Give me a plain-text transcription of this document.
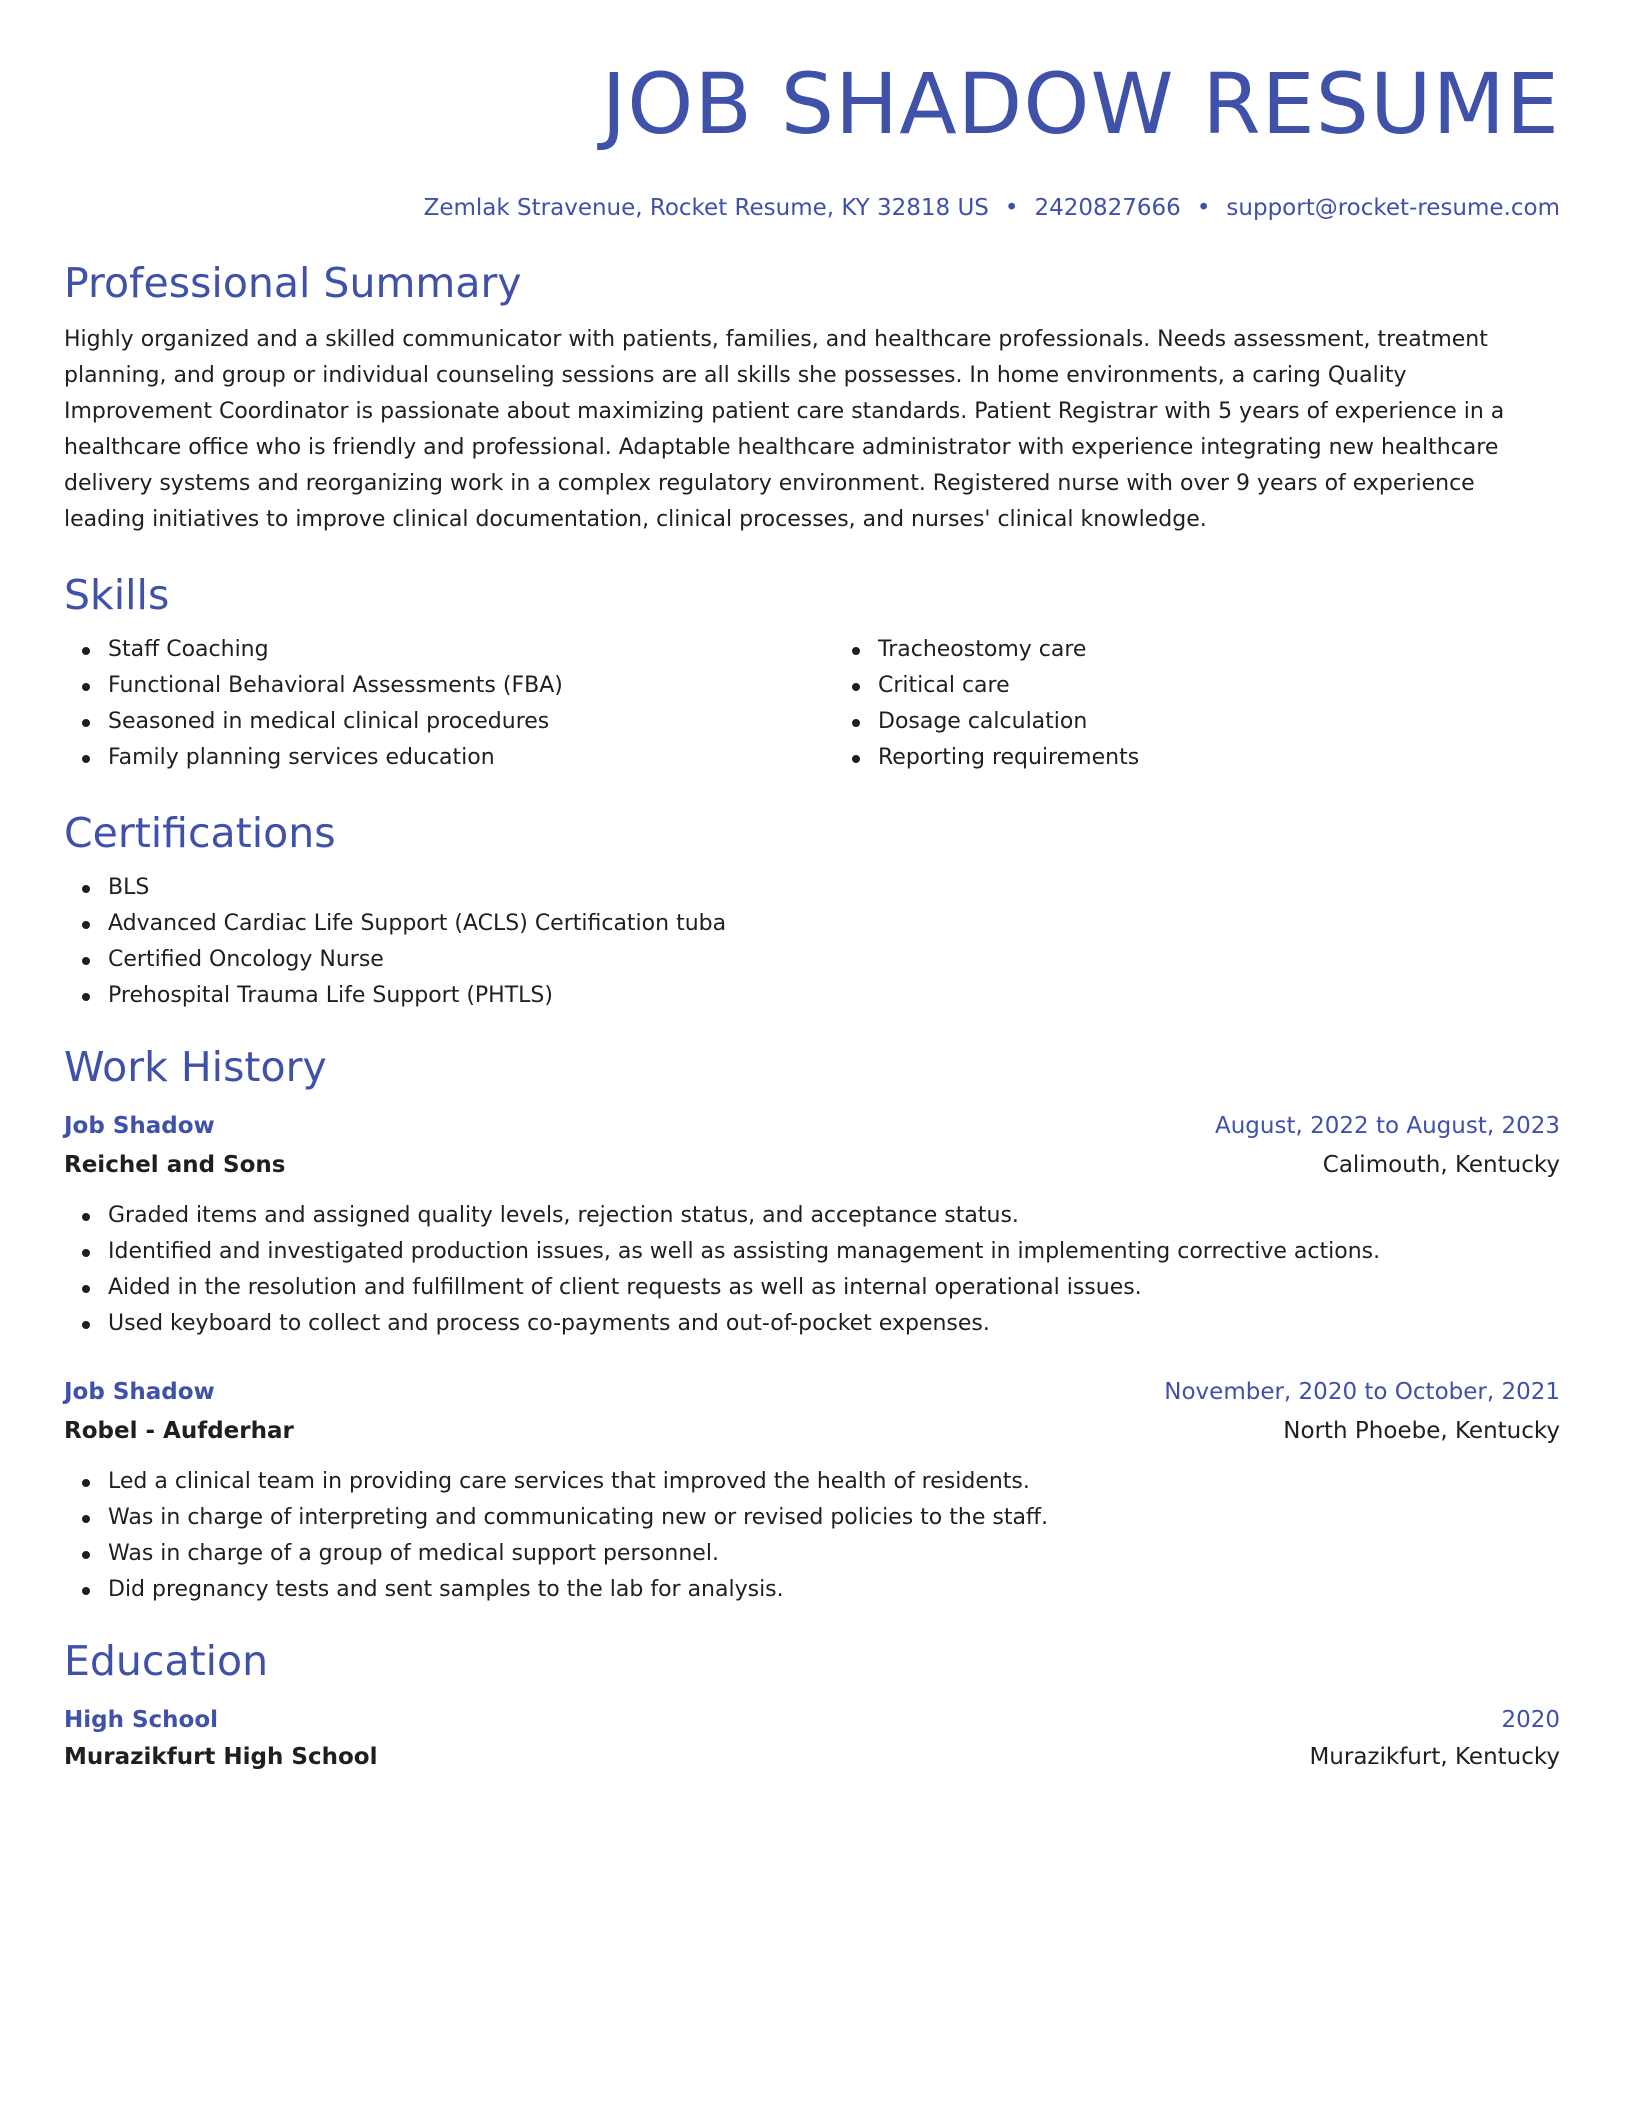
JOB SHADOW RESUME
Zemlak Stravenue, Rocket Resume, KY 32818 US • 2420827666 • support@rocket-resume.com
Professional Summary
Highly organized and a skilled communicator with patients, families, and healthcare professionals. Needs assessment, treatment planning, and group or individual counseling sessions are all skills she possesses. In home environments, a caring Quality Improvement Coordinator is passionate about maximizing patient care standards. Patient Registrar with 5 years of experience in a healthcare office who is friendly and professional. Adaptable healthcare administrator with experience integrating new healthcare delivery systems and reorganizing work in a complex regulatory environment. Registered nurse with over 9 years of experience leading initiatives to improve clinical documentation, clinical processes, and nurses' clinical knowledge.
Skills
Staff Coaching
Functional Behavioral Assessments (FBA)
Seasoned in medical clinical procedures
Family planning services education
Tracheostomy care
Critical care
Dosage calculation
Reporting requirements
Certifications
BLS
Advanced Cardiac Life Support (ACLS) Certification tuba
Certified Oncology Nurse
Prehospital Trauma Life Support (PHTLS)
Work History
Job Shadow	August, 2022 to August, 2023
Reichel and Sons	Calimouth, Kentucky
Graded items and assigned quality levels, rejection status, and acceptance status.
Identified and investigated production issues, as well as assisting management in implementing corrective actions.
Aided in the resolution and fulfillment of client requests as well as internal operational issues.
Used keyboard to collect and process co-payments and out-of-pocket expenses.
Job Shadow	November, 2020 to October, 2021
Robel - Aufderhar	North Phoebe, Kentucky
Led a clinical team in providing care services that improved the health of residents.
Was in charge of interpreting and communicating new or revised policies to the staff.
Was in charge of a group of medical support personnel.
Did pregnancy tests and sent samples to the lab for analysis.
Education
High School	2020
Murazikfurt High School	Murazikfurt, Kentucky
